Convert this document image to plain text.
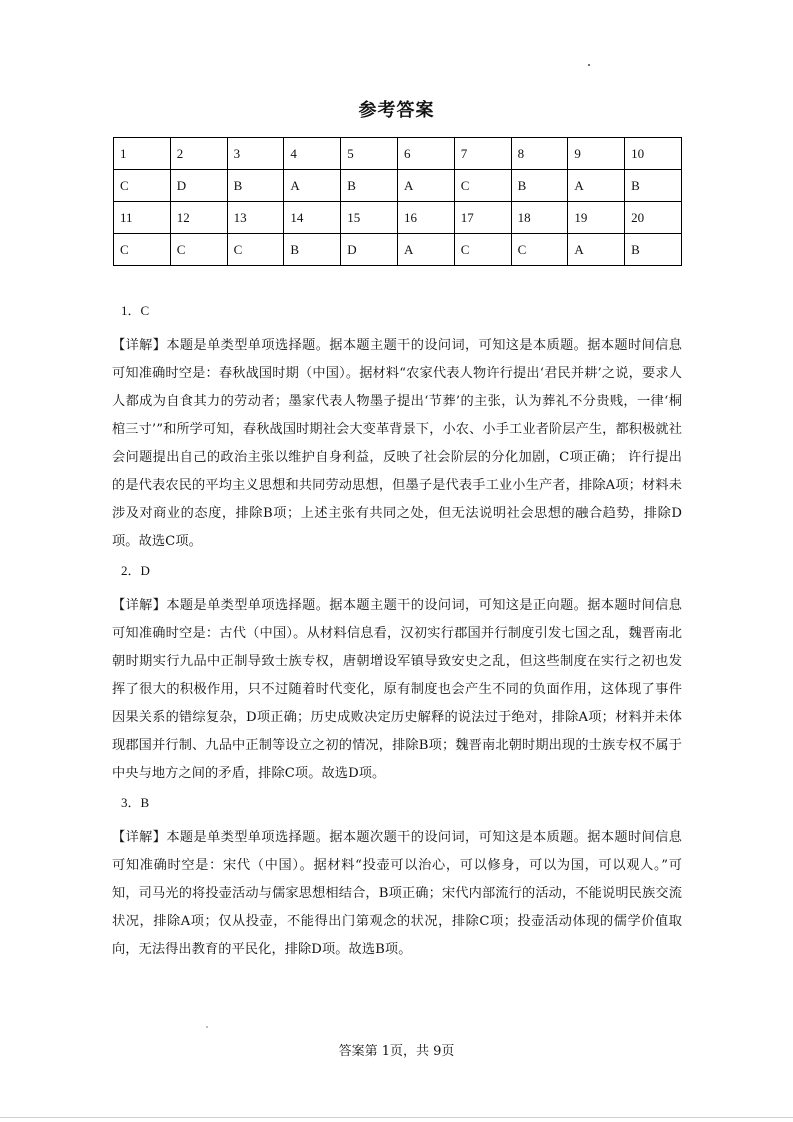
参考答案
1	2	3	4	5	6	7	8	9	10
C	D	B	A	B	A	C	B	A	B
11	12	13	14	15	16	17	18	19	20
C	C	C	B	D	A	C	C	A	B
1．C
【详解】本题是单类型单项选择题。据本题主题干的设问词，可知这是本质题。据本题时间信息可知准确时空是：春秋战国时期（中国）。据材料“农家代表人物许行提出‘君民并耕’之说，要求人人都成为自食其力的劳动者；墨家代表人物墨子提出‘节葬’的主张，认为葬礼不分贵贱，一律‘桐棺三寸’”和所学可知，春秋战国时期社会大变革背景下，小农、小手工业者阶层产生，都积极就社会问题提出自己的政治主张以维护自身利益，反映了社会阶层的分化加剧，C项正确； 许行提出的是代表农民的平均主义思想和共同劳动思想，但墨子是代表手工业小生产者，排除A项；材料未涉及对商业的态度，排除B项；上述主张有共同之处，但无法说明社会思想的融合趋势，排除D项。故选C项。
2．D
【详解】本题是单类型单项选择题。据本题主题干的设问词，可知这是正向题。据本题时间信息可知准确时空是：古代（中国）。从材料信息看，汉初实行郡国并行制度引发七国之乱，魏晋南北朝时期实行九品中正制导致士族专权，唐朝增设军镇导致安史之乱，但这些制度在实行之初也发挥了很大的积极作用，只不过随着时代变化，原有制度也会产生不同的负面作用，这体现了事件因果关系的错综复杂，D项正确；历史成败决定历史解释的说法过于绝对，排除A项；材料并未体现郡国并行制、九品中正制等设立之初的情况，排除B项；魏晋南北朝时期出现的士族专权不属于中央与地方之间的矛盾，排除C项。故选D项。
3．B
【详解】本题是单类型单项选择题。据本题次题干的设问词，可知这是本质题。据本题时间信息可知准确时空是：宋代（中国）。据材料“投壶可以治心，可以修身，可以为国，可以观人。”可知，司马光的将投壶活动与儒家思想相结合，B项正确；宋代内部流行的活动，不能说明民族交流状况，排除A项；仅从投壶，不能得出门第观念的状况，排除C项；投壶活动体现的儒学价值取向，无法得出教育的平民化，排除D项。故选B项。
答案第 1页，共 9页
